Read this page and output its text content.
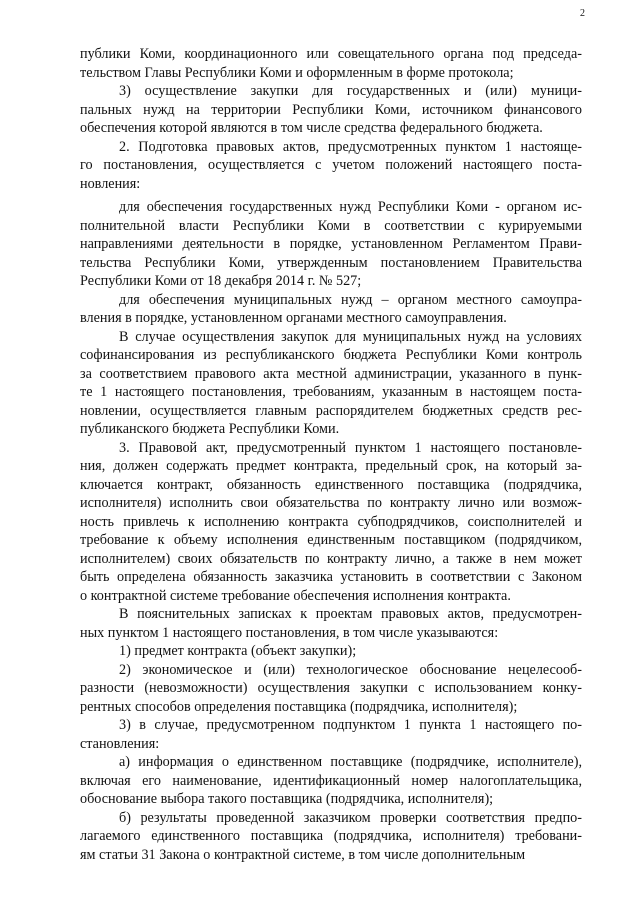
2
публики Коми, координационного или совещательного органа под председа-
тельством Главы Республики Коми и оформленным в форме протокола;
3) осуществление закупки для государственных и (или) муници-
пальных нужд на территории Республики Коми, источником финансового
обеспечения которой являются в том числе средства федерального бюджета.
2. Подготовка правовых актов, предусмотренных пунктом 1 настояще-
го постановления, осуществляется с учетом положений настоящего поста-
новления:
для обеспечения государственных нужд Республики Коми - органом ис-
полнительной власти Республики Коми в соответствии с курируемыми
направлениями деятельности в порядке, установленном Регламентом Прави-
тельства Республики Коми, утвержденным постановлением Правительства
Республики Коми от 18 декабря 2014 г. № 527;
для обеспечения муниципальных нужд – органом местного самоупра-
вления в порядке, установленном органами местного самоуправления.
В случае осуществления закупок для муниципальных нужд на условиях
софинансирования из республиканского бюджета Республики Коми контроль
за соответствием правового акта местной администрации, указанного в пунк-
те 1 настоящего постановления, требованиям, указанным в настоящем поста-
новлении, осуществляется главным распорядителем бюджетных средств рес-
публиканского бюджета Республики Коми.
3. Правовой акт, предусмотренный пунктом 1 настоящего постановле-
ния, должен содержать предмет контракта, предельный срок, на который за-
ключается контракт, обязанность единственного поставщика (подрядчика,
исполнителя) исполнить свои обязательства по контракту лично или возмож-
ность привлечь к исполнению контракта субподрядчиков, соисполнителей и
требование к объему исполнения единственным поставщиком (подрядчиком,
исполнителем) своих обязательств по контракту лично, а также в нем может
быть определена обязанность заказчика установить в соответствии с Законом
о контрактной системе требование обеспечения исполнения контракта.
В пояснительных записках к проектам правовых актов, предусмотрен-
ных пунктом 1 настоящего постановления, в том числе указываются:
1) предмет контракта (объект закупки);
2) экономическое и (или) технологическое обоснование нецелесооб-
разности (невозможности) осуществления закупки с использованием конку-
рентных способов определения поставщика (подрядчика, исполнителя);
3) в случае, предусмотренном подпунктом 1 пункта 1 настоящего по-
становления:
а) информация о единственном поставщике (подрядчике, исполнителе),
включая его наименование, идентификационный номер налогоплательщика,
обоснование выбора такого поставщика (подрядчика, исполнителя);
б) результаты проведенной заказчиком проверки соответствия предпо-
лагаемого единственного поставщика (подрядчика, исполнителя) требовани-
ям статьи 31 Закона о контрактной системе, в том числе дополнительным
